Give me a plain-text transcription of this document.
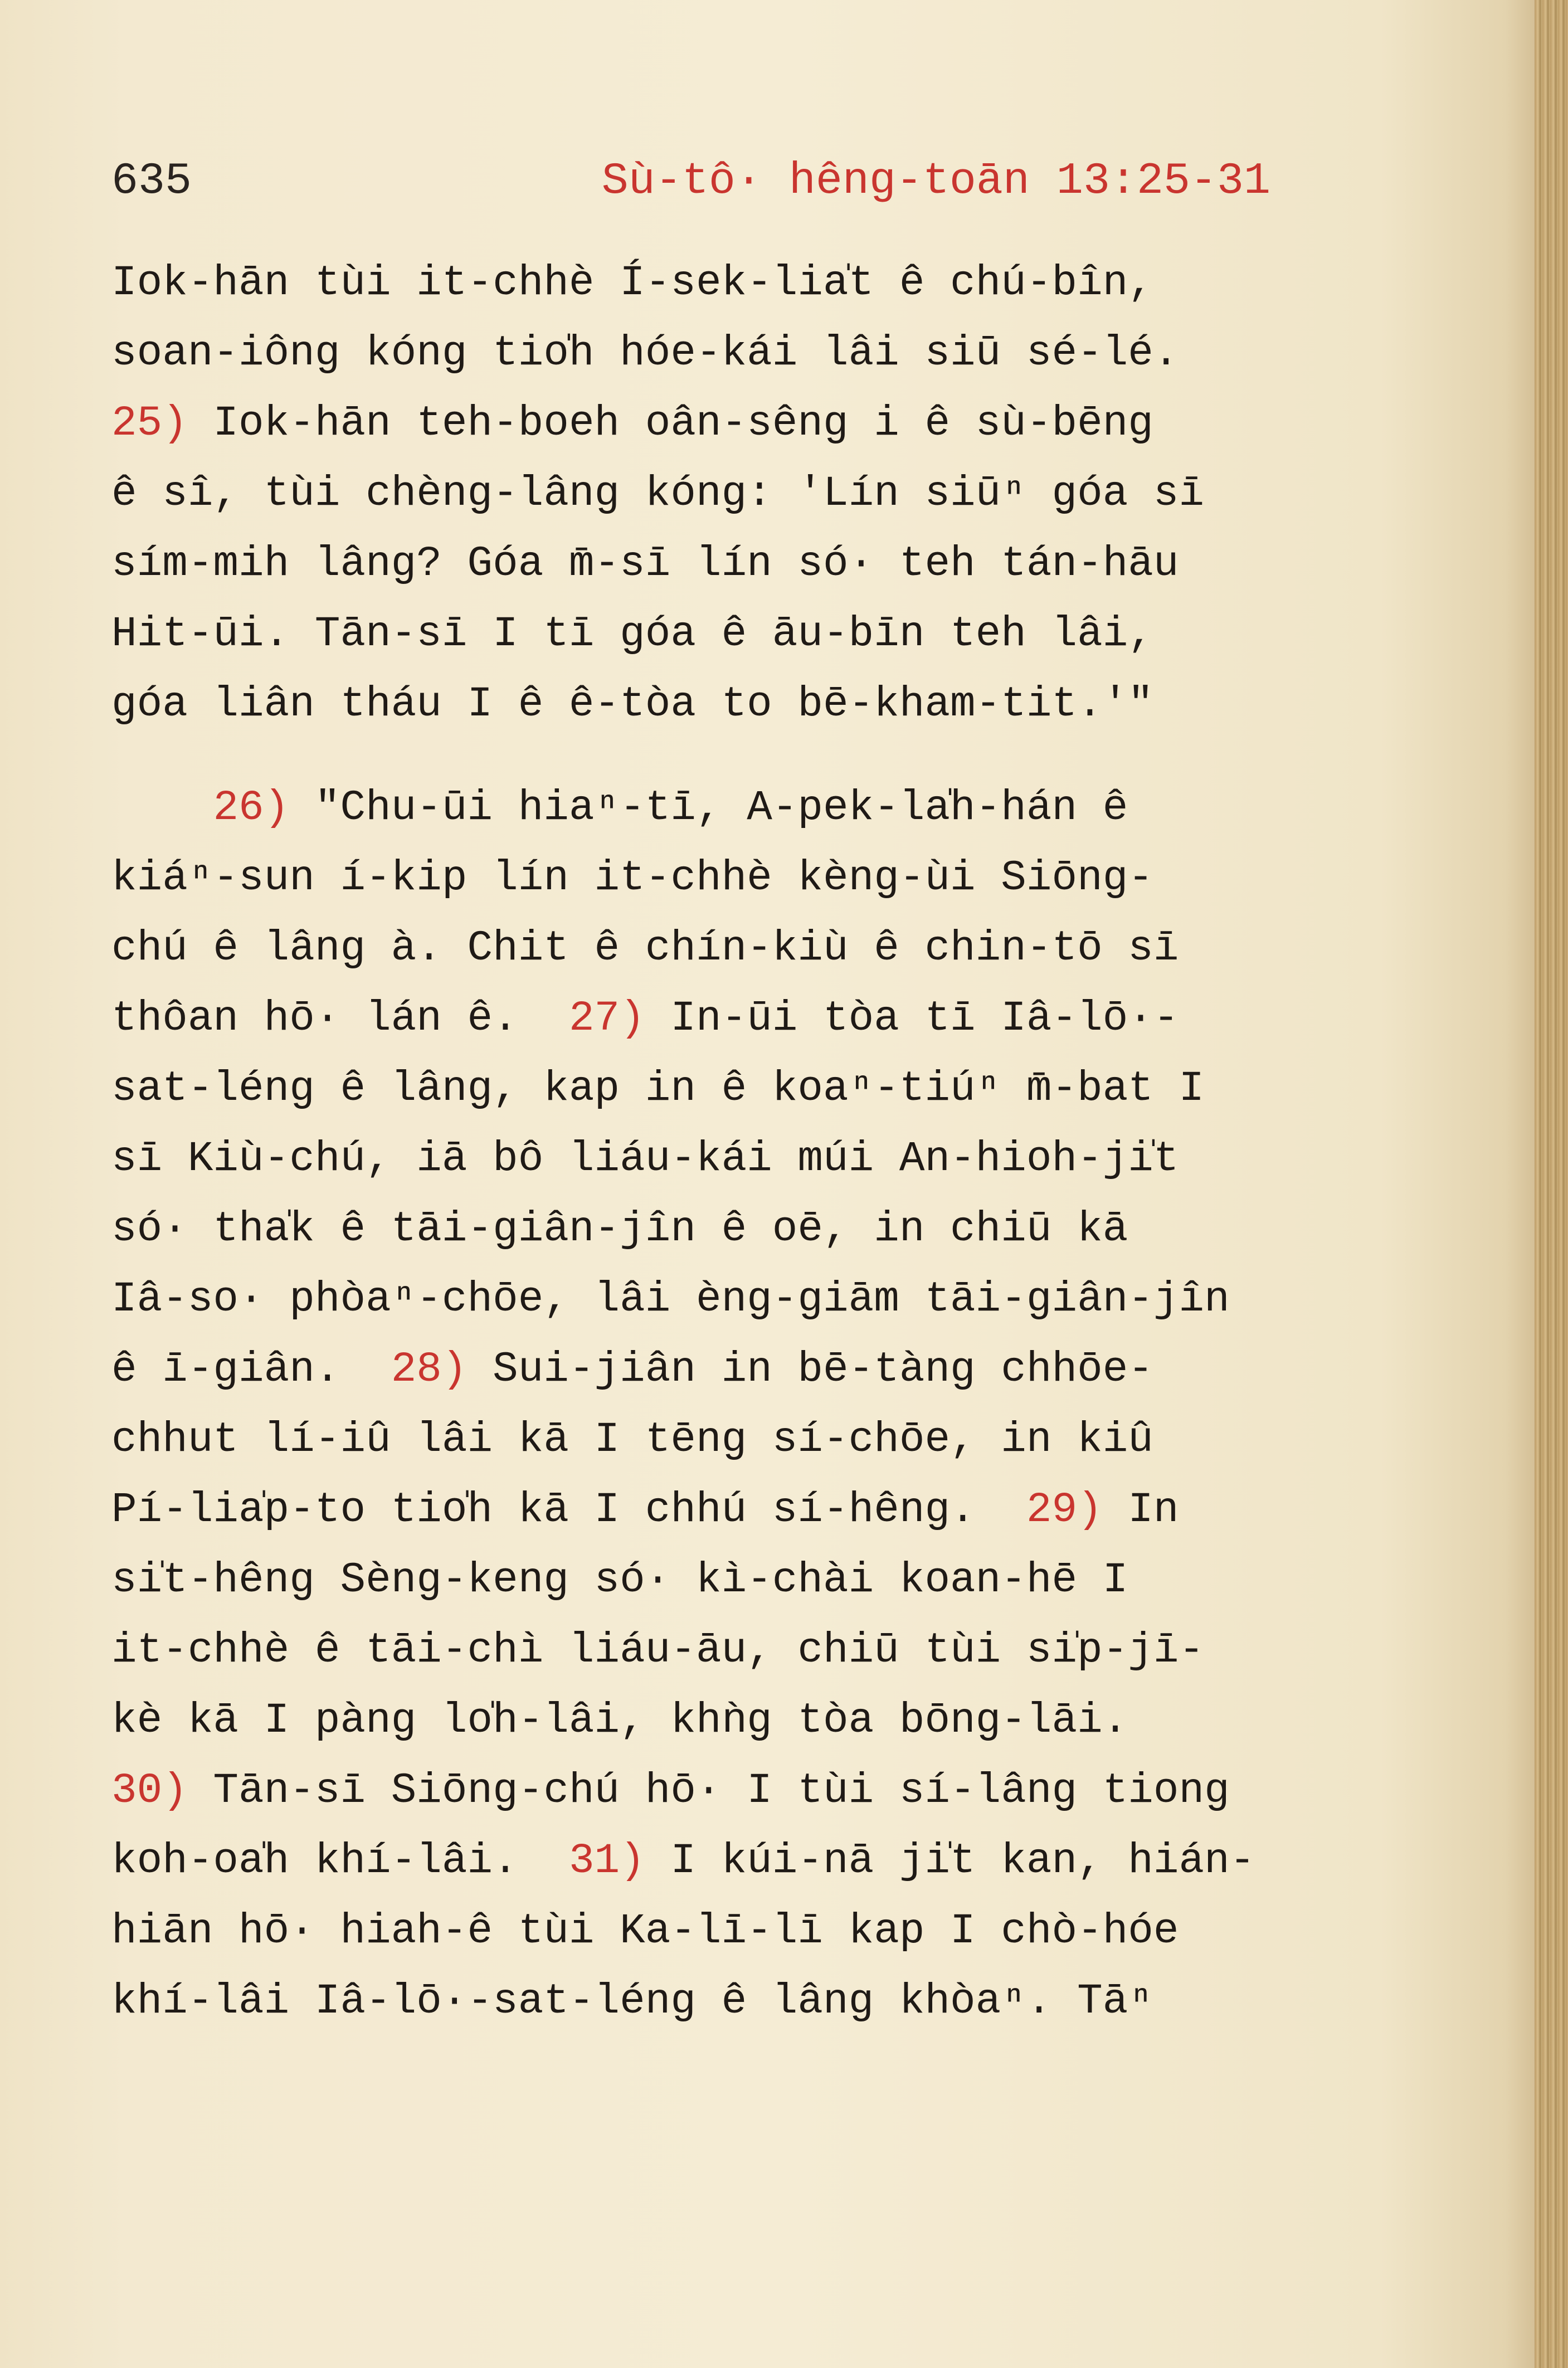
635	Sù-tô· hêng-toān 13:25-31
Iok-hān tùi it-chhè Í-sek-lia̍t ê chú-bîn,
soan-iông kóng tio̍h hóe-kái lâi siū sé-lé.
25) Iok-hān teh-boeh oân-sêng i ê sù-bēng
ê sî, tùi chèng-lâng kóng: 'Lín siūⁿ góa sī
sím-mih lâng? Góa m̄-sī lín só· teh tán-hāu
Hit-ūi. Tān-sī I tī góa ê āu-bīn teh lâi,
góa liân tháu I ê ê-tòa to bē-kham-tit.'"
26) "Chu-ūi hiaⁿ-tī, A-pek-la̍h-hán ê
kiáⁿ-sun í-kip lín it-chhè kèng-ùi Siōng-
chú ê lâng à. Chit ê chín-kiù ê chin-tō sī
thôan hō· lán ê.  27) In-ūi tòa tī Iâ-lō·-
sat-léng ê lâng, kap in ê koaⁿ-tiúⁿ m̄-bat I
sī Kiù-chú, iā bô liáu-kái múi An-hioh-ji̍t
só· tha̍k ê tāi-giân-jîn ê oē, in chiū kā
Iâ-so· phòaⁿ-chōe, lâi èng-giām tāi-giân-jîn
ê ī-giân.  28) Sui-jiân in bē-tàng chhōe-
chhut lí-iû lâi kā I tēng sí-chōe, in kiû
Pí-lia̍p-to tio̍h kā I chhú sí-hêng.  29) In
si̍t-hêng Sèng-keng só· kì-chài koan-hē I
it-chhè ê tāi-chì liáu-āu, chiū tùi si̍p-jī-
kè kā I pàng lo̍h-lâi, khǹg tòa bōng-lāi.
30) Tān-sī Siōng-chú hō· I tùi sí-lâng tiong
koh-oa̍h khí-lâi.  31) I kúi-nā ji̍t kan, hián-
hiān hō· hiah-ê tùi Ka-lī-lī kap I chò-hóe
khí-lâi Iâ-lō·-sat-léng ê lâng khòaⁿ. Tāⁿ
